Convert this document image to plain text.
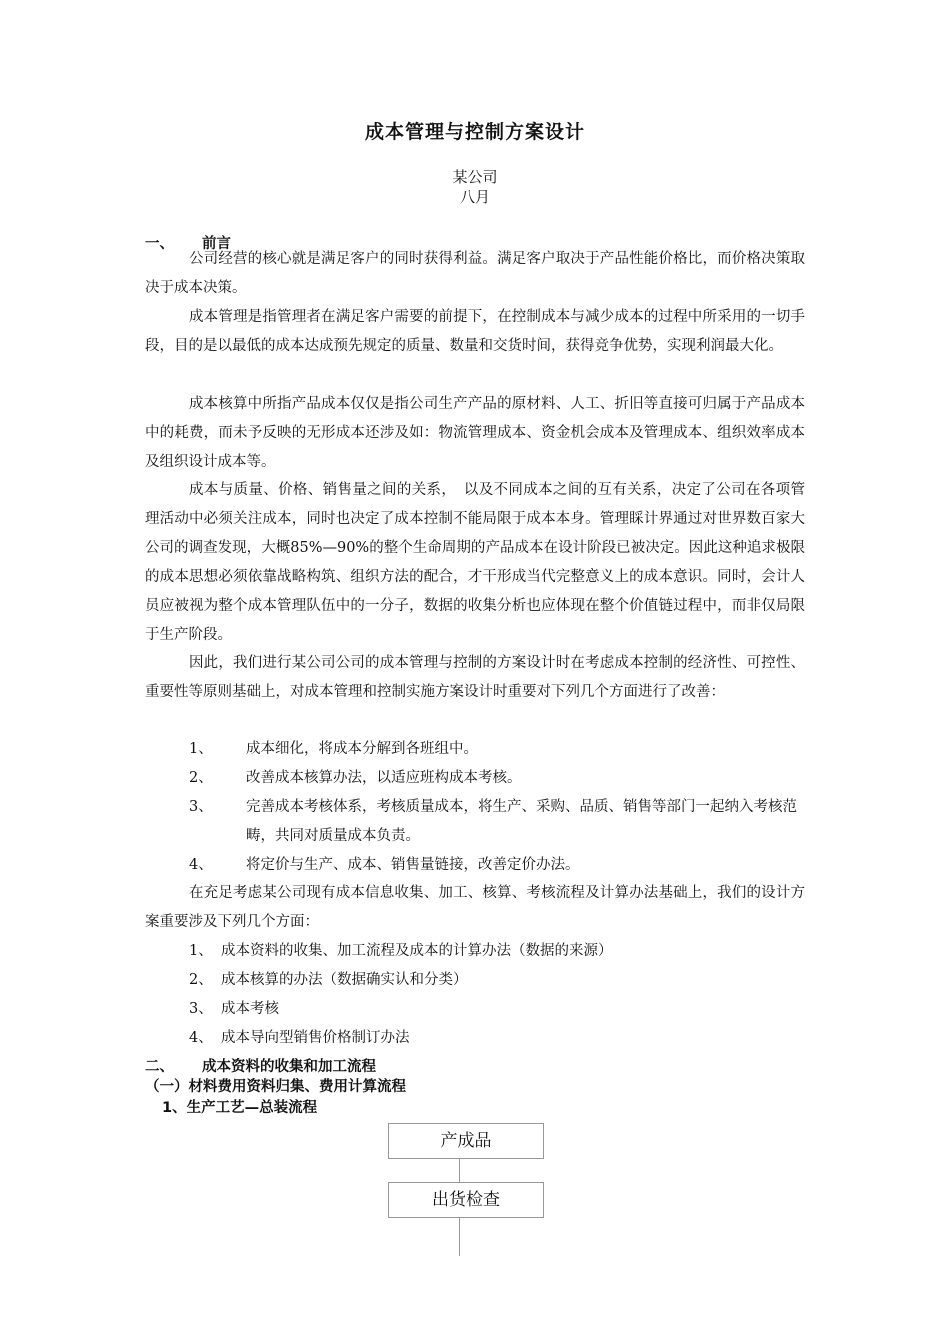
成本管理与控制方案设计
某公司
八月
一、 前言

公司经营的核心就是满足客户的同时获得利益。满足客户取决于产品性能价格比，而价格决策取决于成本决策。

成本管理是指管理者在满足客户需要的前提下，在控制成本与减少成本的过程中所采用的一切手段，目的是以最低的成本达成预先规定的质量、数量和交货时间，获得竞争优势，实现利润最大化。

成本核算中所指产品成本仅仅是指公司生产产品的原材料、人工、折旧等直接可归属于产品成本中的耗费，而未予反映的无形成本还涉及如：物流管理成本、资金机会成本及管理成本、组织效率成本及组织设计成本等。

成本与质量、价格、销售量之间的关系，　以及不同成本之间的互有关系，决定了公司在各项管理活动中必须关注成本，同时也决定了成本控制不能局限于成本本身。管理睬计界通过对世界数百家大公司的调查发现，大概85%—90%的整个生命周期的产品成本在设计阶段已被决定。因此这种追求极限的成本思想必须依靠战略构筑、组织方法的配合，才干形成当代完整意义上的成本意识。同时，会计人员应被视为整个成本管理队伍中的一分子，数据的收集分析也应体现在整个价值链过程中，而非仅局限于生产阶段。

因此，我们进行某公司公司的成本管理与控制的方案设计时在考虑成本控制的经济性、可控性、重要性等原则基础上，对成本管理和控制实施方案设计时重要对下列几个方面进行了改善：

1、 成本细化，将成本分解到各班组中。
2、 改善成本核算办法，以适应班构成本考核。
3、 完善成本考核体系，考核质量成本，将生产、采购、品质、销售等部门一起纳入考核范畴，共同对质量成本负责。
4、 将定价与生产、成本、销售量链接，改善定价办法。

在充足考虑某公司现有成本信息收集、加工、核算、考核流程及计算办法基础上，我们的设计方案重要涉及下列几个方面：

1、 成本资料的收集、加工流程及成本的计算办法（数据的来源）
2、 成本核算的办法（数据确实认和分类）
3、 成本考核
4、 成本导向型销售价格制订办法
二、 成本资料的收集和加工流程
（一）材料费用资料归集、费用计算流程
1、生产工艺—总装流程
产成品
出货检查
